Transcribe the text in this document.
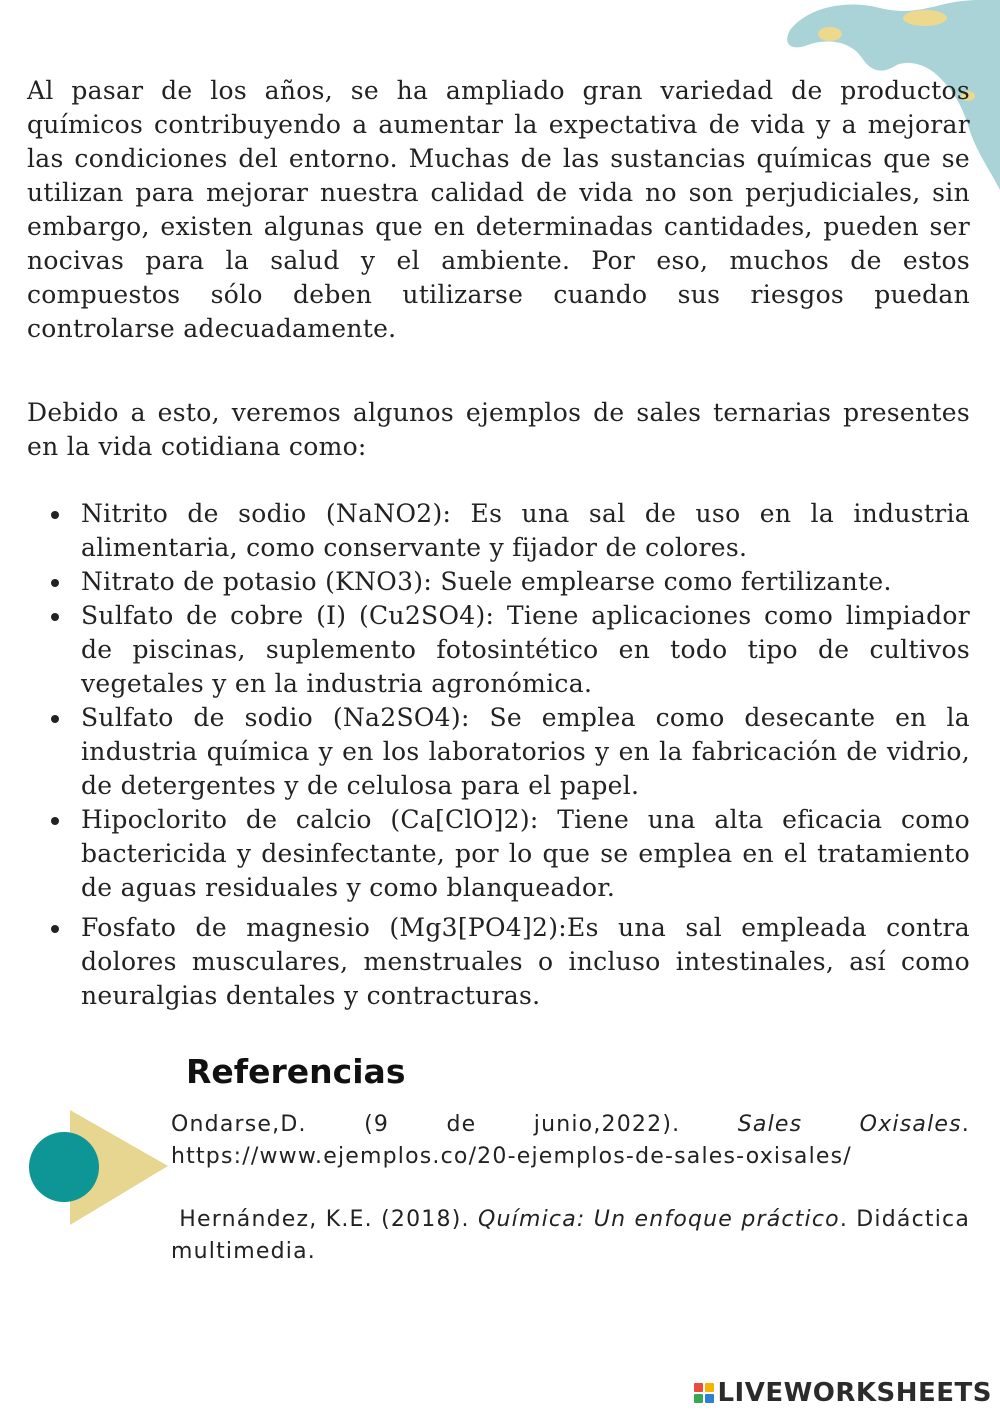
Al pasar de los años, se ha ampliado gran variedad de productos químicos contribuyendo a aumentar la expectativa de vida y a mejorar las condiciones del entorno. Muchas de las sustancias químicas que se utilizan para mejorar nuestra calidad de vida no son perjudiciales, sin embargo, existen algunas que en determinadas cantidades, pueden ser nocivas para la salud y el ambiente. Por eso, muchos de estos compuestos sólo deben utilizarse cuando sus riesgos puedan controlarse adecuadamente.

Debido a esto, veremos algunos ejemplos de sales ternarias presentes en la vida cotidiana como:

Nitrito de sodio (NaNO2): Es una sal de uso en la industria alimentaria, como conservante y fijador de colores.
Nitrato de potasio (KNO3): Suele emplearse como fertilizante.
Sulfato de cobre (I) (Cu2SO4): Tiene aplicaciones como limpiador de piscinas, suplemento fotosintético en todo tipo de cultivos vegetales y en la industria agronómica.
Sulfato de sodio (Na2SO4): Se emplea como desecante en la industria química y en los laboratorios y en la fabricación de vidrio, de detergentes y de celulosa para el papel.
Hipoclorito de calcio (Ca[ClO]2): Tiene una alta eficacia como bactericida y desinfectante, por lo que se emplea en el tratamiento de aguas residuales y como blanqueador.
Fosfato de magnesio (Mg3[PO4]2):Es una sal empleada contra dolores musculares, menstruales o incluso intestinales, así como neuralgias dentales y contracturas.
Referencias

Ondarse,D. (9 de junio,2022).	Sales Oxisales. https://www.ejemplos.co/20-ejemplos-de-sales-oxisales/

Hernández, K.E. (2018). Química: Un enfoque práctico. Didáctica multimedia.

LIVEWORKSHEETS
